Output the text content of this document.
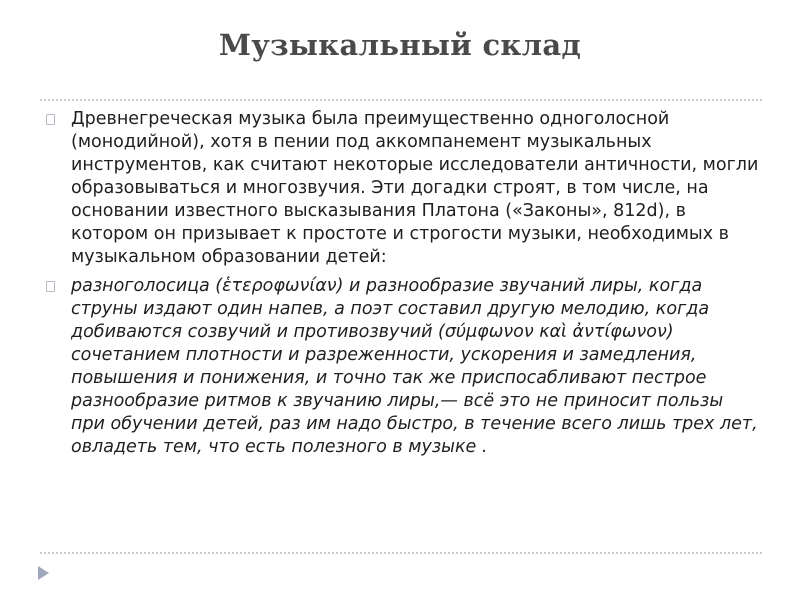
Музыкальный склад

Древнегреческая музыка была преимущественно одноголосной (монодийной), хотя в пении под аккомпанемент музыкальных инструментов, как считают некоторые исследователи античности, могли образовываться и многозвучия. Эти догадки строят, в том числе, на основании известного высказывания Платона («Законы», 812d), в котором он призывает к простоте и строгости музыки, необходимых в музыкальном образовании детей:

разноголосица (ἑτεροφωνίαν) и разнообразие звучаний лиры, когда струны издают один напев, а поэт составил другую мелодию, когда добиваются созвучий и противозвучий (σύμφωνον καὶ ἀντίφωνον) сочетанием плотности и разреженности, ускорения и замедления, повышения и понижения, и точно так же приспосабливают пестрое разнообразие ритмов к звучанию лиры,— всё это не приносит пользы при обучении детей, раз им надо быстро, в течение всего лишь трех лет, овладеть тем, что есть полезного в музыке .
